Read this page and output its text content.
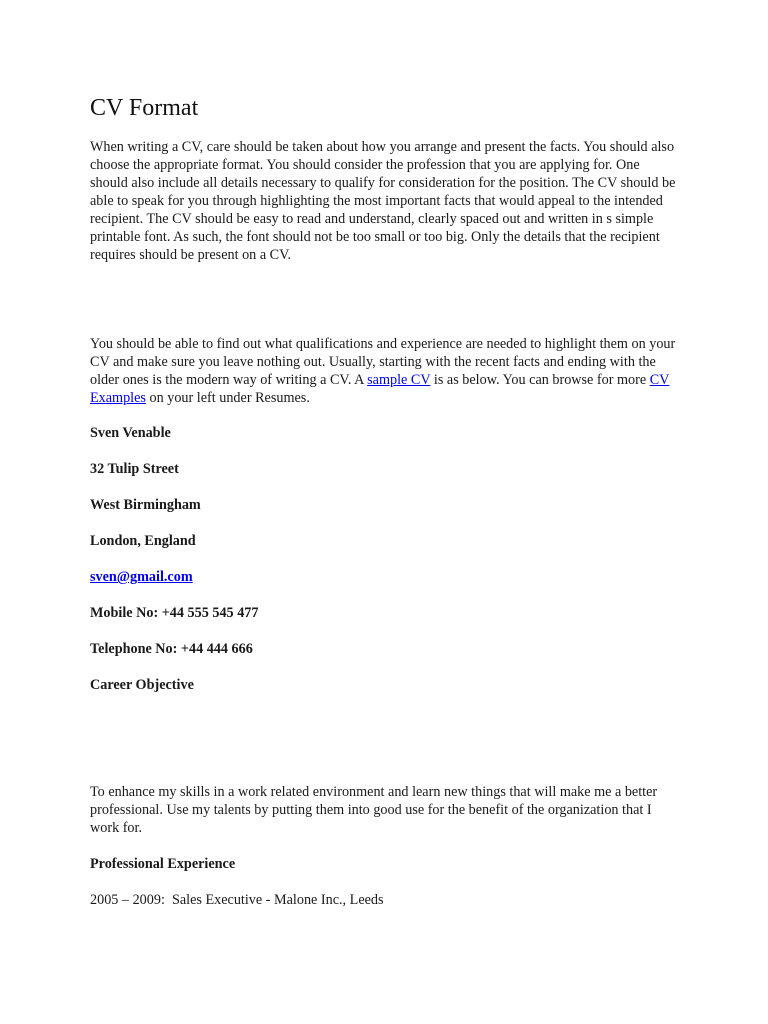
CV Format

When writing a CV, care should be taken about how you arrange and present the facts. You should also choose the appropriate format. You should consider the profession that you are applying for. One should also include all details necessary to qualify for consideration for the position. The CV should be able to speak for you through highlighting the most important facts that would appeal to the intended recipient. The CV should be easy to read and understand, clearly spaced out and written in s simple printable font. As such, the font should not be too small or too big. Only the details that the recipient requires should be present on a CV.

You should be able to find out what qualifications and experience are needed to highlight them on your CV and make sure you leave nothing out. Usually, starting with the recent facts and ending with the older ones is the modern way of writing a CV. A sample CV is as below. You can browse for more CV Examples on your left under Resumes.

Sven Venable

32 Tulip Street

West Birmingham

London, England

sven@gmail.com

Mobile No: +44 555 545 477

Telephone No: +44 444 666

Career Objective

To enhance my skills in a work related environment and learn new things that will make me a better professional. Use my talents by putting them into good use for the benefit of the organization that I work for.

Professional Experience

2005 – 2009:  Sales Executive - Malone Inc., Leeds
